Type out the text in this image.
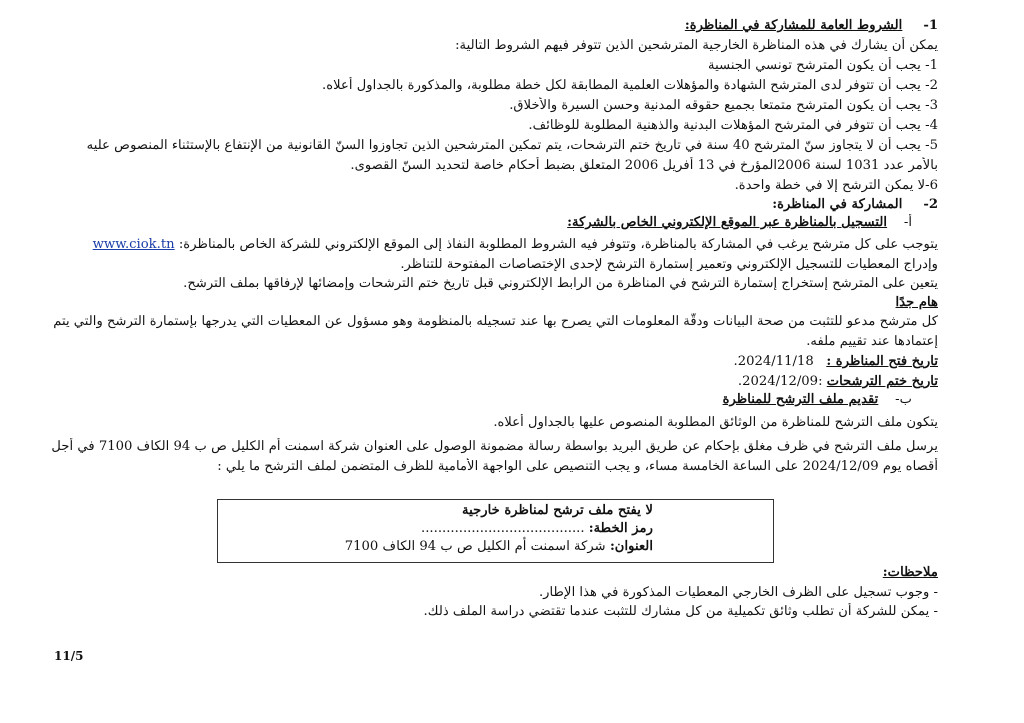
1-     الشروط العامة للمشاركة في المناظرة:
يمكن أن يشارك في هذه المناظرة الخارجية المترشحين الذين تتوفر فيهم الشروط التالية:
1- يجب أن يكون المترشح تونسي الجنسية
2- يجب أن تتوفر لدى المترشح الشهادة والمؤهلات العلمية المطابقة لكل خطة مطلوبة، والمذكورة بالجداول أعلاه.
3- يجب أن يكون المترشح متمتعا بجميع حقوقه المدنية وحسن السيرة والأخلاق.
4- يجب أن تتوفر في المترشح المؤهلات البدنية والذهنية المطلوبة للوظائف.
5- يجب أن لا يتجاوز سنّ المترشح 40 سنة في تاريخ ختم الترشحات، يتم تمكين المترشحين الذين تجاوزوا السنّ القانونية من الإنتفاع بالإستثناء المنصوص عليه
بالأمر عدد 1031 لسنة 2006المؤرخ في 13 أفريل 2006 المتعلق بضبط أحكام خاصة لتحديد السنّ القصوى.
6-لا يمكن الترشح إلا في خطة واحدة.
2-     المشاركة في المناظرة:
أ-    التسجيل بالمناظرة عبر الموقع الإلكتروني الخاص بالشركة:
يتوجب على كل مترشح يرغب في المشاركة بالمناظرة، وتتوفر فيه الشروط المطلوبة النفاذ إلى الموقع الإلكتروني للشركة الخاص بالمناظرة: www.ciok.tn
وإدراج المعطيات للتسجيل الإلكتروني وتعمير إستمارة الترشح لإحدى الإختصاصات المفتوحة للتناظر.
يتعين على المترشح إستخراج إستمارة الترشح في المناظرة من الرابط الإلكتروني قبل تاريخ ختم الترشحات وإمضائها لإرفاقها بملف الترشح.
هام جدًا
كل مترشح مدعو للتثبت من صحة البيانات ودقّة المعلومات التي يصرح بها عند تسجيله بالمنظومة وهو مسؤول عن المعطيات التي يدرجها بإستمارة الترشح والتي يتم
إعتمادها عند تقييم ملفه.
تاريخ فتح المناظرة :   2024/11/18.
تاريخ ختم الترشحات :2024/12/09.
ب-    تقديم ملف الترشح للمناظرة
يتكون ملف الترشح للمناظرة من الوثائق المطلوبة المنصوص عليها بالجداول أعلاه.
يرسل ملف الترشح في ظرف مغلق بإحكام عن طريق البريد بواسطة رسالة مضمونة الوصول على العنوان شركة اسمنت أم الكليل ص ب 94 الكاف 7100 في أجل
أقصاه يوم 2024/12/09 على الساعة الخامسة مساء، و يجب التنصيص على الواجهة الأمامية للظرف المتضمن لملف الترشح ما يلي :
لا يفتح ملف ترشح لمناظرة خارجية
رمز الخطة: .......................................
العنوان: شركة اسمنت أم الكليل ص ب 94 الكاف 7100
ملاحظات:
- وجوب تسجيل على الظرف الخارجي المعطيات المذكورة في هذا الإطار.
- يمكن للشركة أن تطلب وثائق تكميلية من كل مشارك للتثبت عندما تقتضي دراسة الملف ذلك.
11/5
